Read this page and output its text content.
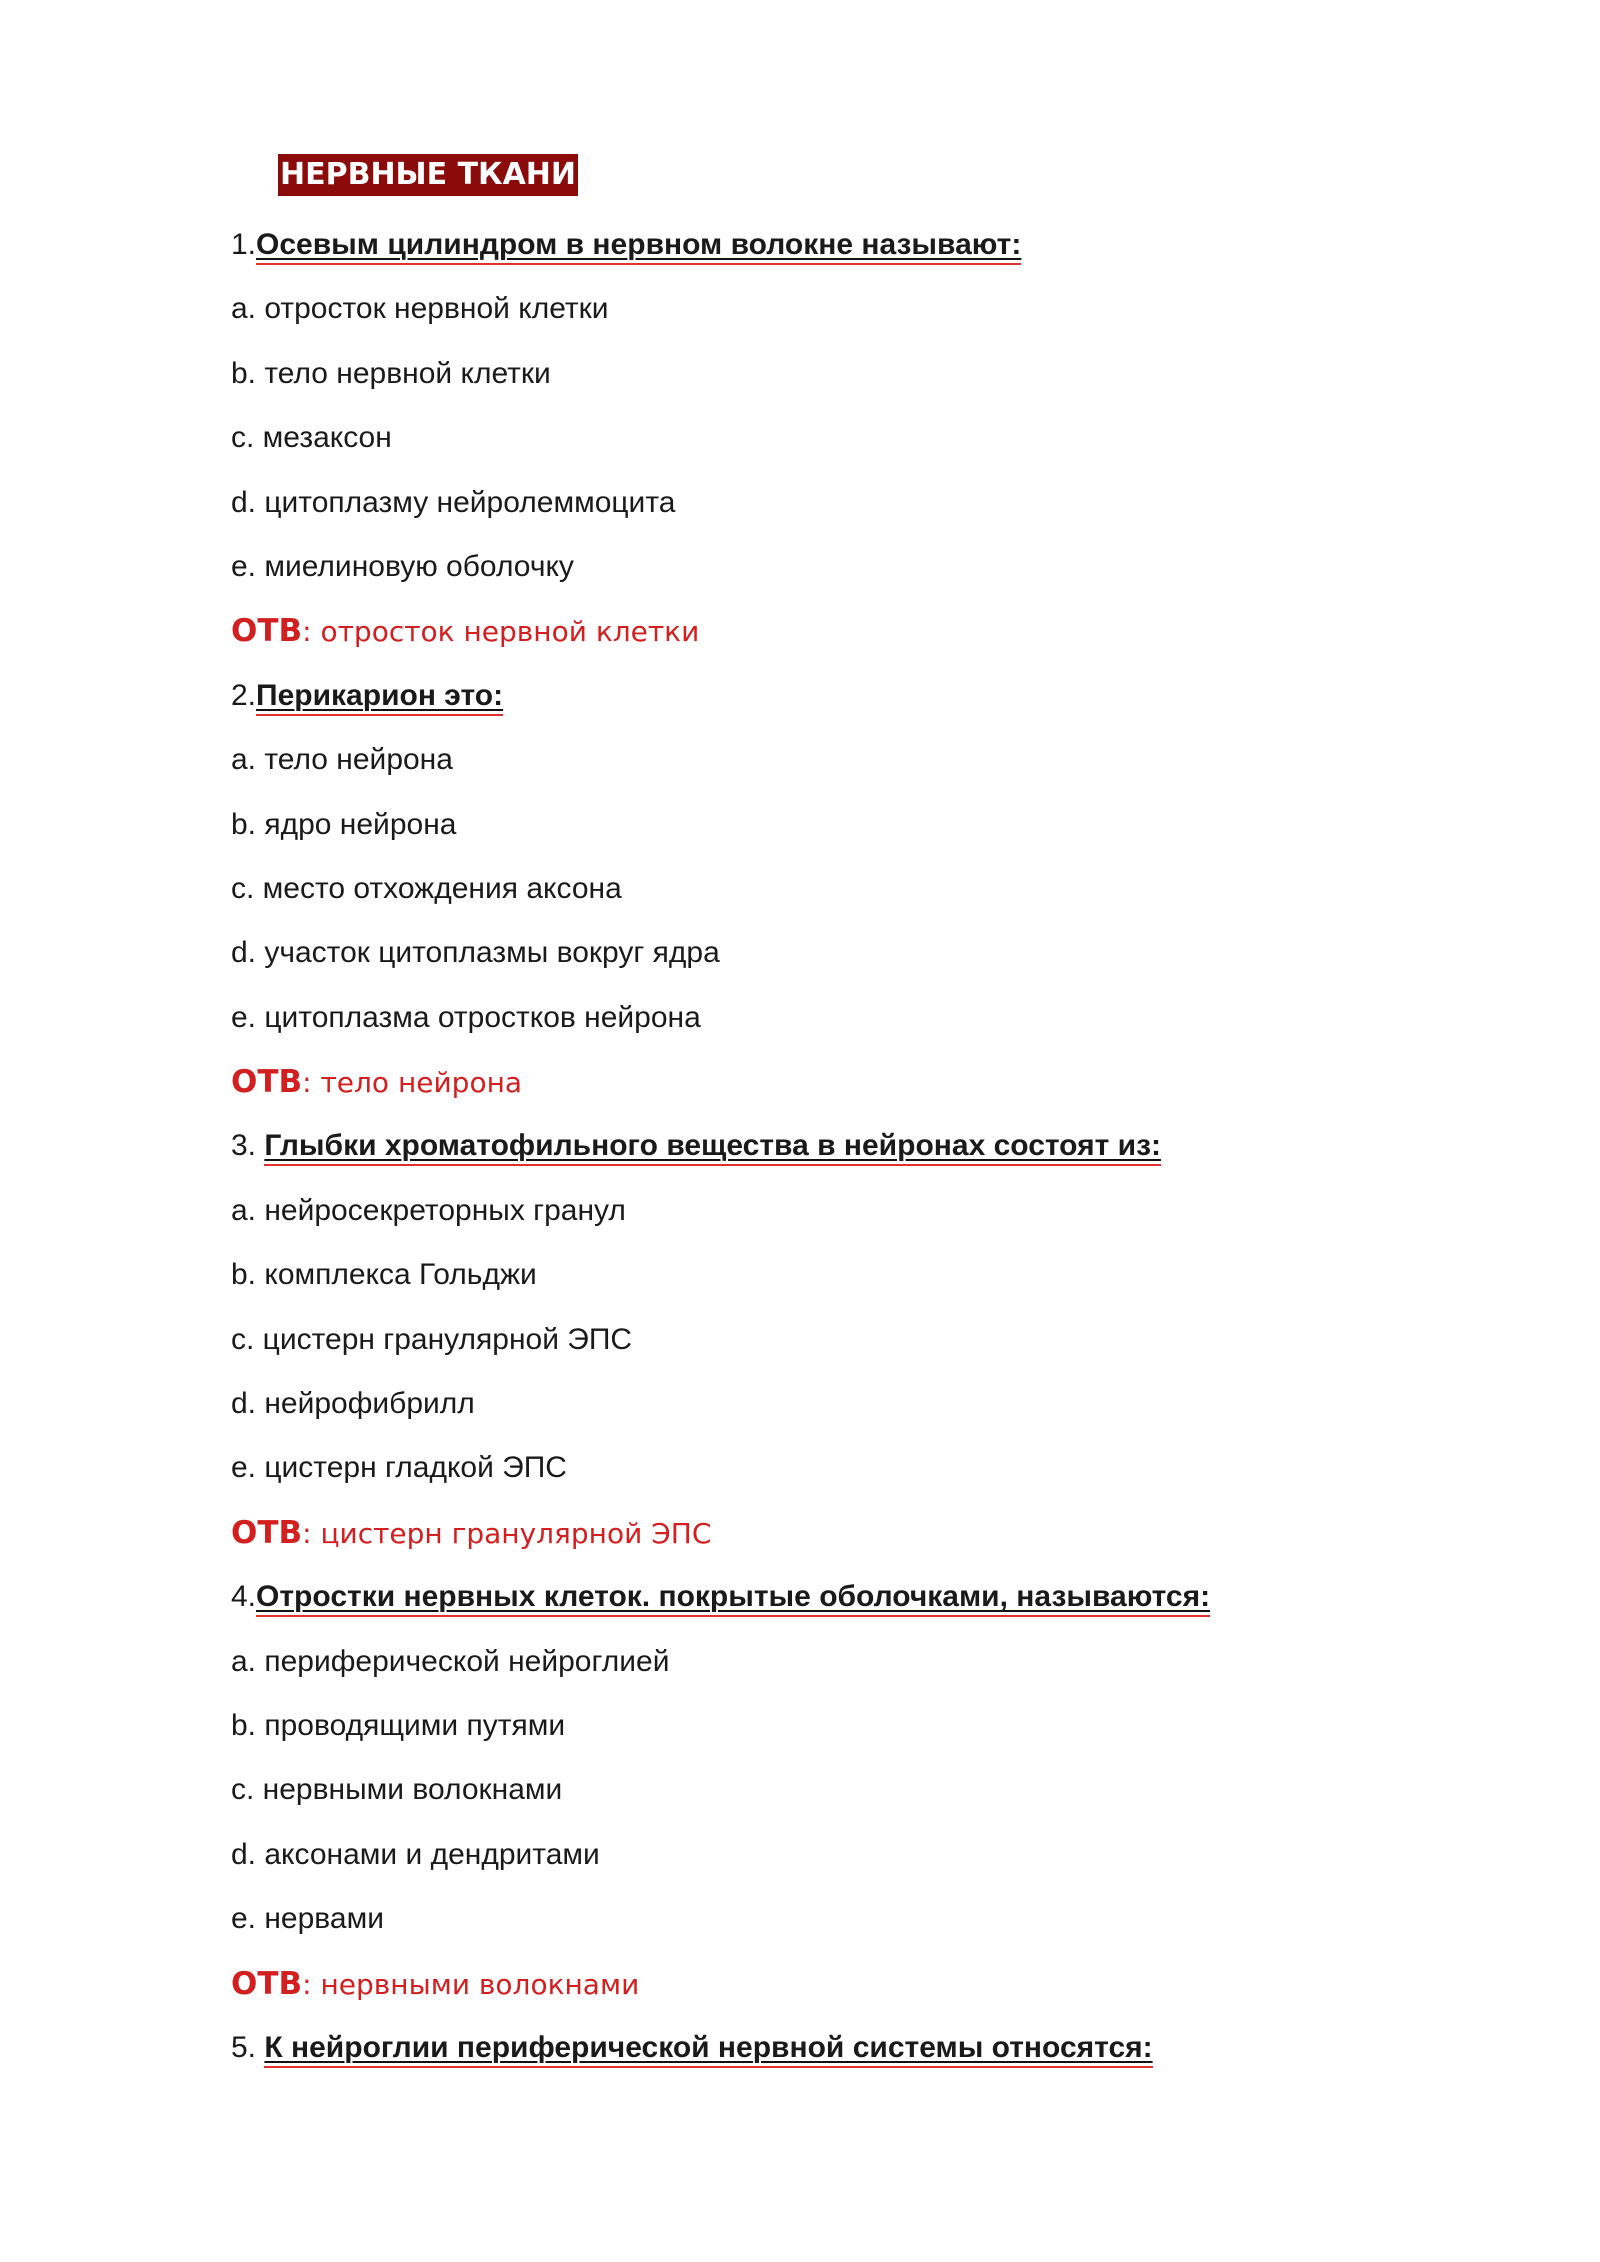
НЕРВНЫЕ ТКАНИ
1.Осевым цилиндром в нервном волокне называют:
a. отросток нервной клетки
b. тело нервной клетки
c. мезаксон
d. цитоплазму нейролеммоцита
e. миелиновую оболочку
ОТВ: отросток нервной клетки
2.Перикарион это:
a. тело нейрона
b. ядро нейрона
c. место отхождения аксона
d. участок цитоплазмы вокруг ядра
e. цитоплазма отростков нейрона
ОТВ: тело нейрона
3. Глыбки хроматофильного вещества в нейронах состоят из:
a. нейросекреторных гранул
b. комплекса Гольджи
c. цистерн гранулярной ЭПС
d. нейрофибрилл
e. цистерн гладкой ЭПС
ОТВ: цистерн гранулярной ЭПС
4.Отростки нервных клеток. покрытые оболочками, называются:
a. периферической нейроглией
b. проводящими путями
c. нервными волокнами
d. аксонами и дендритами
e. нервами
ОТВ: нервными волокнами
5. К нейроглии периферической нервной системы относятся:
